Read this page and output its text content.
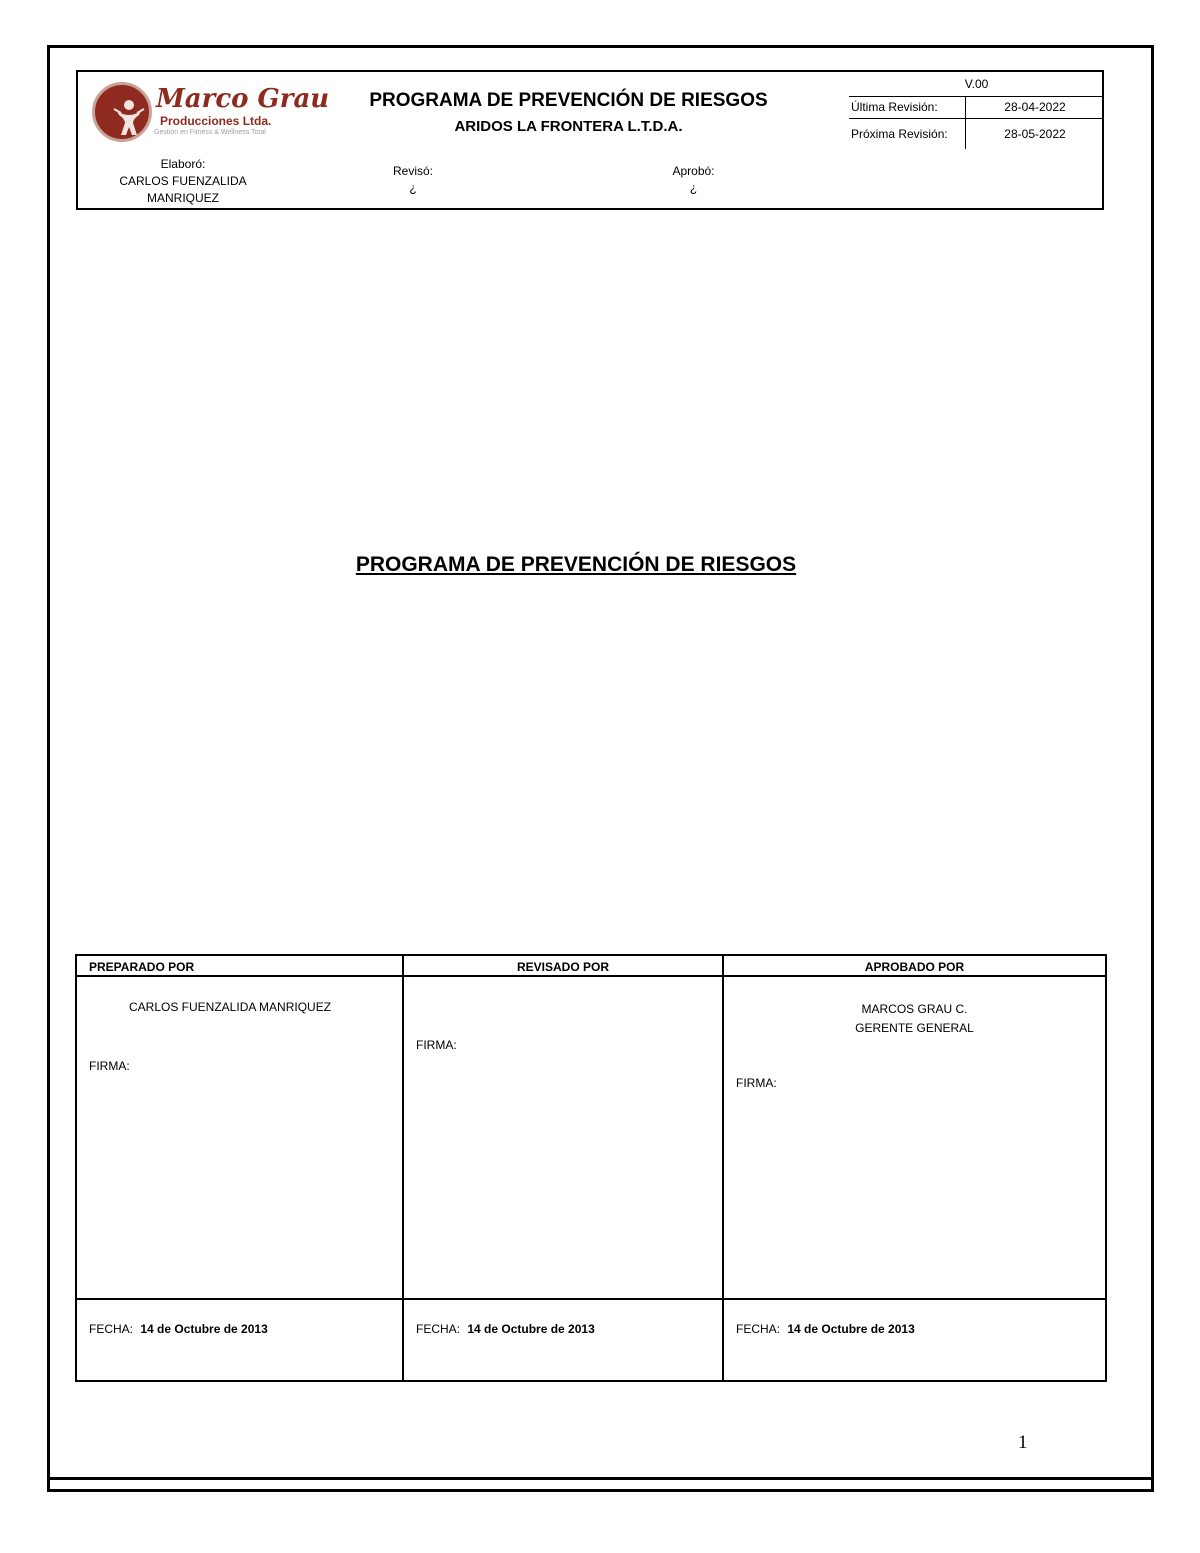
Marco Grau
Producciones Ltda.
Gestión en Fitness & Wellness Total
PROGRAMA DE PREVENCIÓN DE RIESGOS
ARIDOS LA FRONTERA L.T.D.A.
V.00
Última Revisión:	28-04-2022
Próxima Revisión:	28-05-2022
Elaboró:
CARLOS FUENZALIDA MANRIQUEZ
Revisó:
¿
Aprobó:
¿
PROGRAMA DE PREVENCIÓN DE RIESGOS
PREPARADO POR
CARLOS FUENZALIDA MANRIQUEZ
FIRMA:
FECHA: 14 de Octubre de 2013
REVISADO POR
FIRMA:
FECHA: 14 de Octubre de 2013
APROBADO POR
MARCOS GRAU C.
GERENTE GENERAL
FIRMA:
FECHA: 14 de Octubre de 2013
1
